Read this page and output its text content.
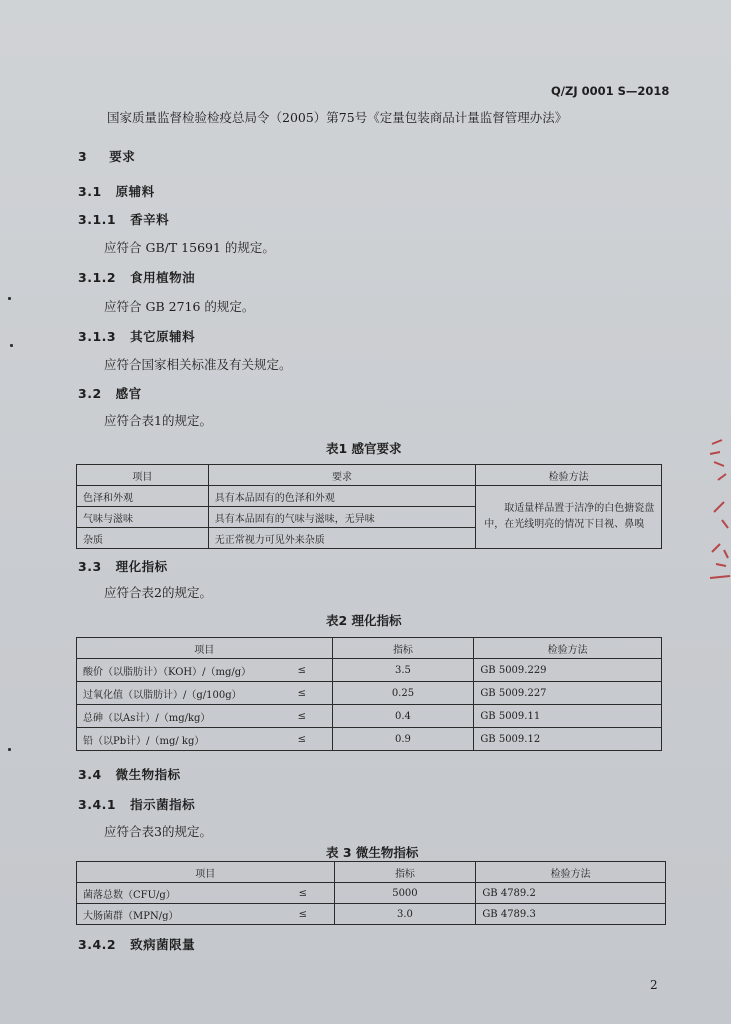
Q/ZJ 0001 S—2018
国家质量监督检验检疫总局令（2005）第75号《定量包装商品计量监督管理办法》
3 要求
3.1 原辅料
3.1.1 香辛料
应符合 GB/T 15691 的规定。
3.1.2 食用植物油
应符合 GB 2716 的规定。
3.1.3 其它原辅料
应符合国家相关标准及有关规定。
3.2 感官
应符合表1的规定。
表1 感官要求
项目	要求	检验方法
色泽和外观	具有本品固有的色泽和外观	取适量样品置于洁净的白色搪瓷盘中，在光线明亮的情况下目视、鼻嗅
气味与滋味	具有本品固有的气味与滋味，无异味	
杂质	无正常视力可见外来杂质	
3.3 理化指标
应符合表2的规定。
表2 理化指标
项目		指标	检验方法
酸价（以脂肪计）（KOH）/（mg/g）	≤	3.5	GB 5009.229
过氧化值（以脂肪计）/（g/100g）	≤	0.25	GB 5009.227
总砷（以As计）/（mg/kg）	≤	0.4	GB 5009.11
铅（以Pb计）/（mg/ kg）	≤	0.9	GB 5009.12
3.4 微生物指标
3.4.1 指示菌指标
应符合表3的规定。
表 3 微生物指标
项目		指标	检验方法
菌落总数（CFU/g）	≤	5000	GB 4789.2
大肠菌群（MPN/g）	≤	3.0	GB 4789.3
3.4.2 致病菌限量
2
